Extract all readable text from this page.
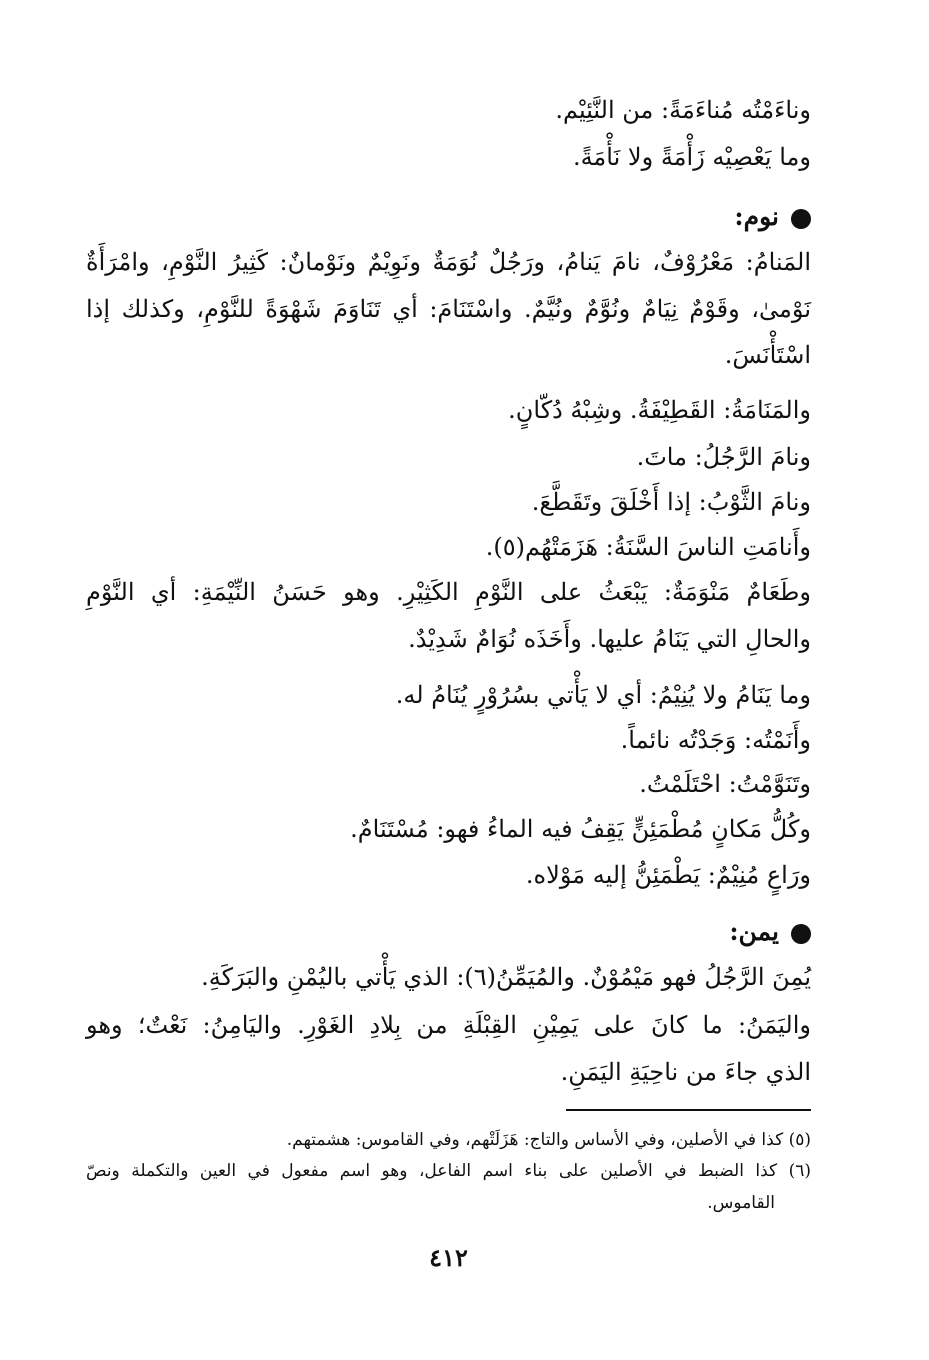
وناءَمْتُه مُناءَمَةً: من النَّئِيْم.
وما يَعْصِيْه زَأْمَةً ولا نَأْمَةً.
نوم:
المَنامُ: مَعْرُوْفٌ، نامَ يَنامُ، ورَجُلٌ نُوَمَةٌ ونَوِيْمٌ ونَوْمانٌ: كَثِيرُ النَّوْمِ، وامْرَأَةٌ
نَوْمىٰ، وقَوْمٌ نِيَامٌ ونُوَّمٌ ونُيَّمٌ. واسْتَنَامَ: أي تَنَاوَمَ شَهْوَةً للنَّوْمِ، وكذلك إذا
اسْتَأْنَسَ.
والمَنَامَةُ: القَطِيْفَةُ. وشِبْهُ دُكّانٍ.
ونامَ الرَّجُلُ: ماتَ.
ونامَ الثَّوْبُ: إذا أَخْلَقَ وتَقَطَّعَ.
وأَنامَتِ الناسَ السَّنَةُ: هَزَمَتْهُم(٥).
وطَعَامٌ مَنْوَمَةٌ: يَبْعَثُ على النَّوْمِ الكَثِيْرِ. وهو حَسَنُ النِّيْمَةِ: أي النَّوْمِ
والحالِ التي يَنَامُ عليها. وأَخَذَه نُوَامٌ شَدِيْدٌ.
وما يَنَامُ ولا يُنِيْمُ: أي لا يَأْتي بسُرُوْرٍ يُنَامُ له.
وأَنَمْتُه: وَجَدْتُه نائماً.
وتَنَوَّمْتُ: احْتَلَمْتُ.
وكُلُّ مَكانٍ مُطْمَئِنٍّ يَقِفُ فيه الماءُ فهو: مُسْتَنَامٌ.
ورَاعٍ مُنِيْمٌ: يَطْمَئِنُّ إليه مَوْلاه.
يمن:
يُمِنَ الرَّجُلُ فهو مَيْمُوْنٌ. والمُيَمِّنُ(٦): الذي يَأْتي باليُمْنِ والبَرَكَةِ.
واليَمَنُ: ما كانَ على يَمِيْنِ القِبْلَةِ من بِلادِ الغَوْرِ. واليَامِنُ: نَعْتٌ؛ وهو
الذي جاءَ من ناحِيَةِ اليَمَنِ.
(٥) كذا في الأصلين، وفي الأساس والتاج: هَزَلَتْهم، وفي القاموس: هشمتهم.
(٦) كذا الضبط في الأصلين على بناء اسم الفاعل، وهو اسم مفعول في العين والتكملة ونصّ
القاموس.
٤١٢
